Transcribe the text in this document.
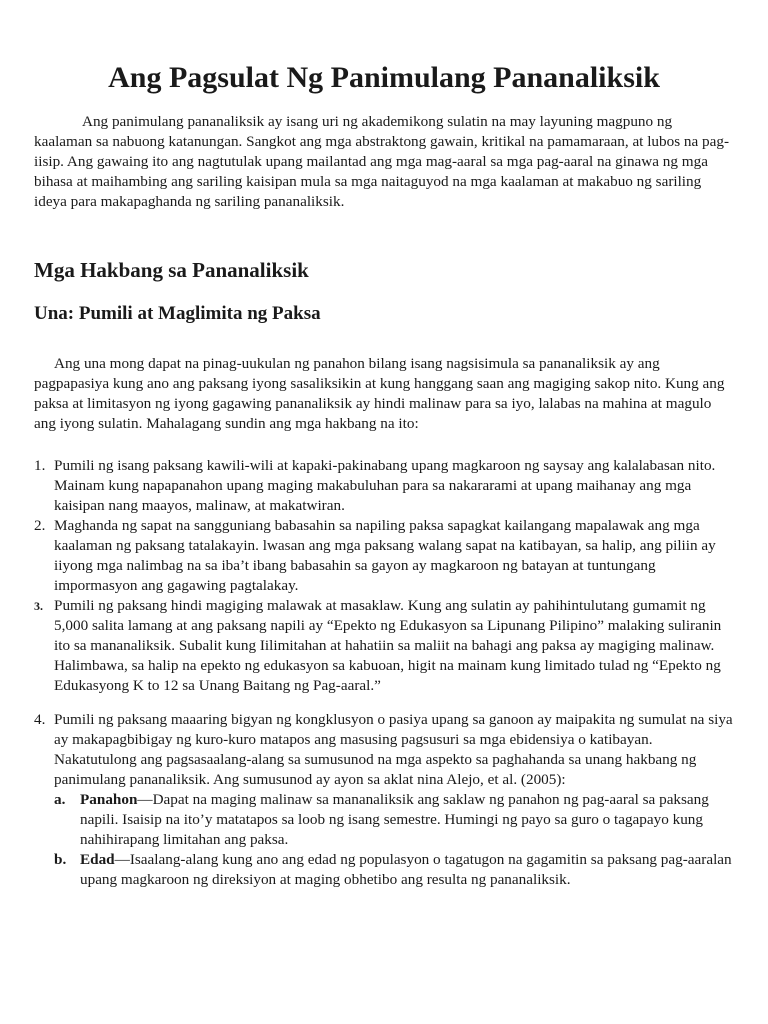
Ang Pagsulat Ng Panimulang Pananaliksik

Ang panimulang pananaliksik ay isang uri ng akademikong sulatin na may layuning magpuno ng kaalaman sa nabuong katanungan. Sangkot ang mga abstraktong gawain, kritikal na pamamaraan, at lubos na pag-iisip. Ang gawaing ito ang nagtutulak upang mailantad ang mga mag-aaral sa mga pag-aaral na ginawa ng mga bihasa at maihambing ang sariling kaisipan mula sa mga naitaguyod na mga kaalaman at makabuo ng sariling ideya para makapaghanda ng sariling pananaliksik.

Mga Hakbang sa Pananaliksik
Una: Pumili at Maglimita ng Paksa

Ang una mong dapat na pinag-uukulan ng panahon bilang isang nagsisimula sa pananaliksik ay ang pagpapasiya kung ano ang paksang iyong sasaliksikin at kung hanggang saan ang magiging sakop nito. Kung ang paksa at limitasyon ng iyong gagawing pananaliksik ay hindi malinaw para sa iyo, lalabas na mahina at magulo ang iyong sulatin. Mahalagang sundin ang mga hakbang na ito:

1. Pumili ng isang paksang kawili-wili at kapaki-pakinabang upang magkaroon ng saysay ang kalalabasan nito. Mainam kung napapanahon upang maging makabuluhan para sa nakararami at upang maihanay ang mga kaisipan nang maayos, malinaw, at makatwiran.
2. Maghanda ng sapat na sangguniang babasahin sa napiling paksa sapagkat kailangang mapalawak ang mga kaalaman ng paksang tatalakayin. lwasan ang mga paksang walang sapat na katibayan, sa halip, ang piliin ay iiyong mga nalimbag na sa iba’t ibang babasahin sa gayon ay magkaroon ng batayan at tuntungang impormasyon ang gagawing pagtalakay.
3. Pumili ng paksang hindi magiging malawak at masaklaw. Kung ang sulatin ay pahihintulutang gumamit ng 5,000 salita lamang at ang paksang napili ay “Epekto ng Edukasyon sa Lipunang Pilipino” malaking suliranin ito sa mananaliksik. Subalit kung Iilimitahan at hahatiin sa maliit na bahagi ang paksa ay magiging malinaw. Halimbawa, sa halip na epekto ng edukasyon sa kabuoan, higit na mainam kung limitado tulad ng “Epekto ng Edukasyong K to 12 sa Unang Baitang ng Pag-aaral.”
4. Pumili ng paksang maaaring bigyan ng kongklusyon o pasiya upang sa ganoon ay maipakita ng sumulat na siya ay makapagbibigay ng kuro-kuro matapos ang masusing pagsusuri sa mga ebidensiya o katibayan. Nakatutulong ang pagsasaalang-alang sa sumusunod na mga aspekto sa paghahanda sa unang hakbang ng panimulang pananaliksik. Ang sumusunod ay ayon sa aklat nina Alejo, et al. (2005):
a. Panahon—Dapat na maging malinaw sa mananaliksik ang saklaw ng panahon ng pag-aaral sa paksang napili. Isaisip na ito’y matatapos sa loob ng isang semestre. Humingi ng payo sa guro o tagapayo kung nahihirapang limitahan ang paksa.
b. Edad—Isaalang-alang kung ano ang edad ng populasyon o tagatugon na gagamitin sa paksang pag-aaralan upang magkaroon ng direksiyon at maging obhetibo ang resulta ng pananaliksik.
